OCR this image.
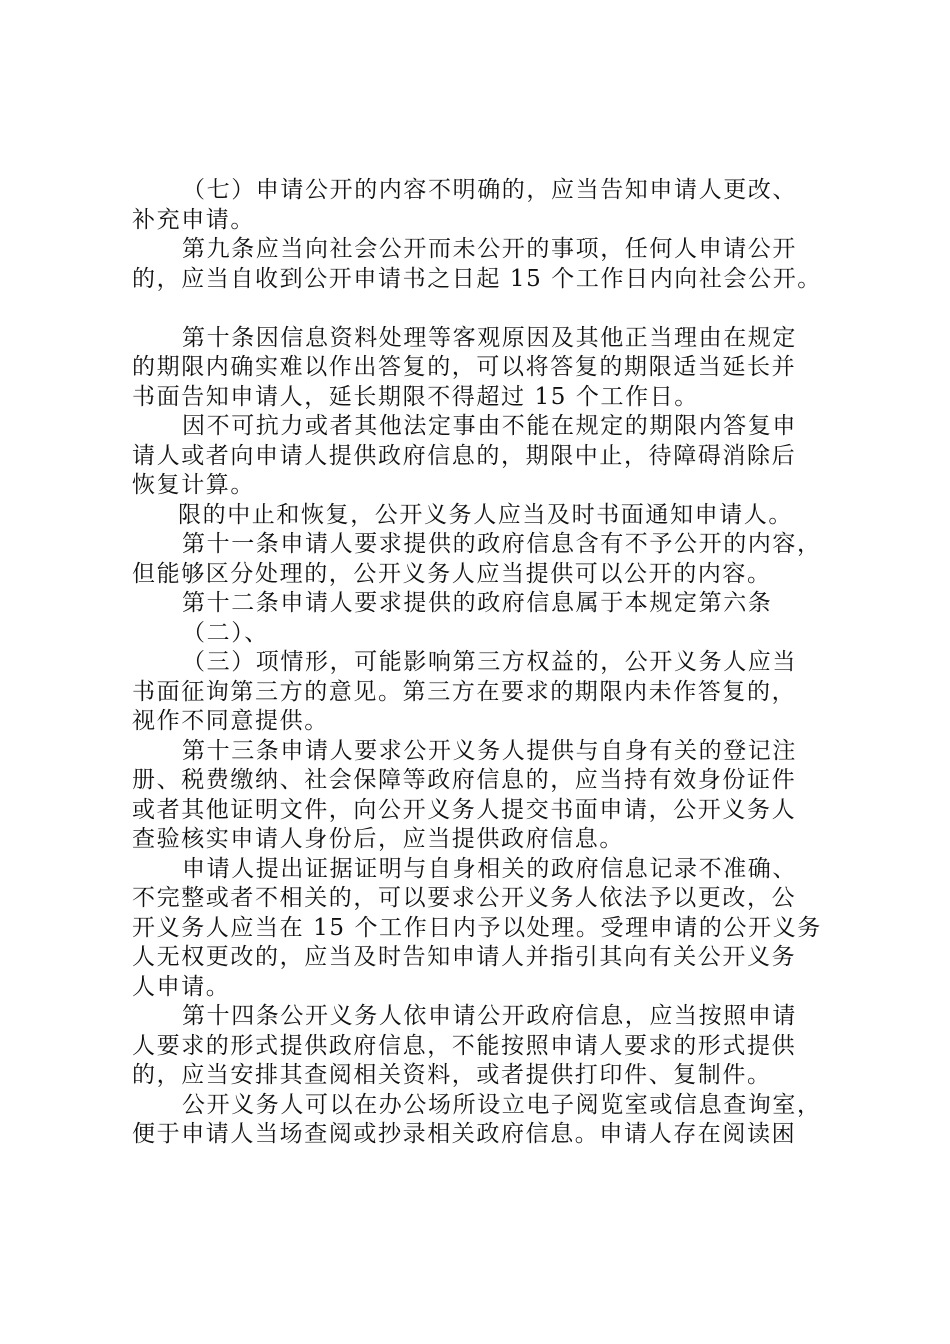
（七）申请公开的内容不明确的，应当告知申请人更改、
补充申请。
第九条应当向社会公开而未公开的事项，任何人申请公开
的，应当自收到公开申请书之日起 15 个工作日内向社会公开。
第十条因信息资料处理等客观原因及其他正当理由在规定
的期限内确实难以作出答复的，可以将答复的期限适当延长并
书面告知申请人，延长期限不得超过 15 个工作日。
因不可抗力或者其他法定事由不能在规定的期限内答复申
请人或者向申请人提供政府信息的，期限中止，待障碍消除后
恢复计算。
限的中止和恢复，公开义务人应当及时书面通知申请人。
第十一条申请人要求提供的政府信息含有不予公开的内容，
但能够区分处理的，公开义务人应当提供可以公开的内容。
第十二条申请人要求提供的政府信息属于本规定第六条
（二）、
（三）项情形，可能影响第三方权益的，公开义务人应当
书面征询第三方的意见。第三方在要求的期限内未作答复的，
视作不同意提供。
第十三条申请人要求公开义务人提供与自身有关的登记注
册、税费缴纳、社会保障等政府信息的，应当持有效身份证件
或者其他证明文件，向公开义务人提交书面申请，公开义务人
查验核实申请人身份后，应当提供政府信息。
申请人提出证据证明与自身相关的政府信息记录不准确、
不完整或者不相关的，可以要求公开义务人依法予以更改，公
开义务人应当在 15 个工作日内予以处理。受理申请的公开义务
人无权更改的，应当及时告知申请人并指引其向有关公开义务
人申请。
第十四条公开义务人依申请公开政府信息，应当按照申请
人要求的形式提供政府信息，不能按照申请人要求的形式提供
的，应当安排其查阅相关资料，或者提供打印件、复制件。
公开义务人可以在办公场所设立电子阅览室或信息查询室，
便于申请人当场查阅或抄录相关政府信息。申请人存在阅读困
